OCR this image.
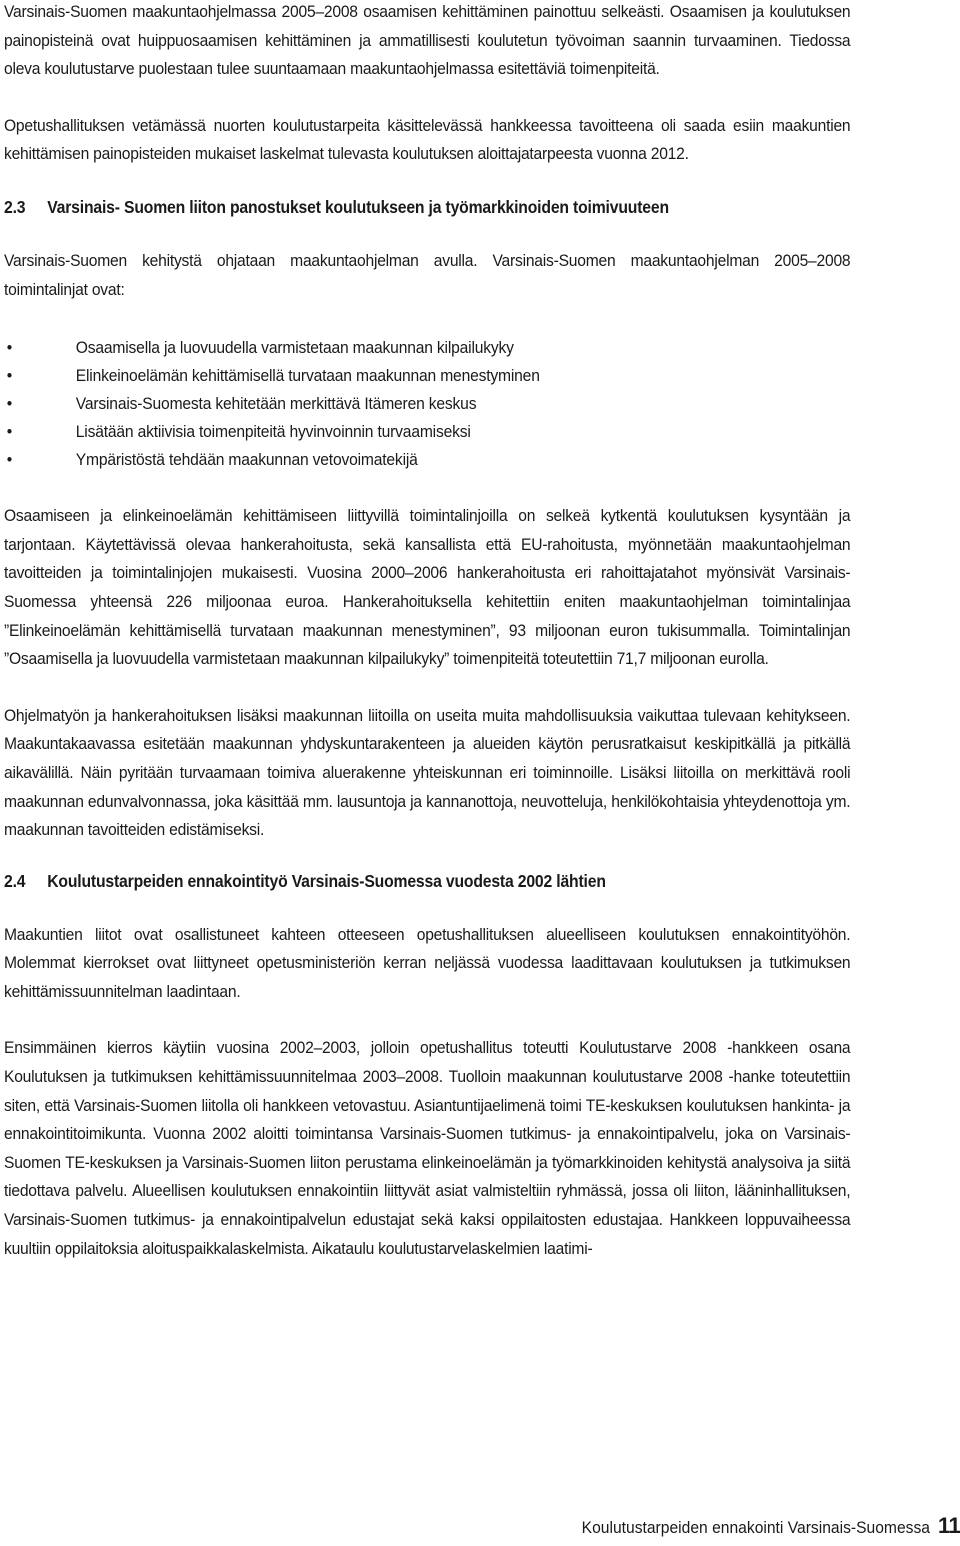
Varsinais-Suomen maakuntaohjelmassa 2005–2008 osaamisen kehittäminen painottuu selkeästi. Osaamisen ja koulutuksen painopisteinä ovat huippuosaamisen kehittäminen ja ammatillisesti koulutetun työvoiman saannin turvaaminen. Tiedossa oleva koulutustarve puolestaan tulee suuntaamaan maakuntaohjelmassa esitettäviä toimenpiteitä.

Opetushallituksen vetämässä nuorten koulutustarpeita käsittelevässä hankkeessa tavoitteena oli saada esiin maakuntien kehittämisen painopisteiden mukaiset laskelmat tulevasta koulutuksen aloittajatarpeesta vuonna 2012.

2.3 Varsinais- Suomen liiton panostukset koulutukseen ja työmarkkinoiden toimivuuteen

Varsinais-Suomen kehitystä ohjataan maakuntaohjelman avulla. Varsinais-Suomen maakuntaohjelman 2005–2008 toimintalinjat ovat:

•	Osaamisella ja luovuudella varmistetaan maakunnan kilpailukyky
•	Elinkeinoelämän kehittämisellä turvataan maakunnan menestyminen
•	Varsinais-Suomesta kehitetään merkittävä Itämeren keskus
•	Lisätään aktiivisia toimenpiteitä hyvinvoinnin turvaamiseksi
•	Ympäristöstä tehdään maakunnan vetovoimatekijä

Osaamiseen ja elinkeinoelämän kehittämiseen liittyvillä toimintalinjoilla on selkeä kytkentä koulutuksen kysyntään ja tarjontaan. Käytettävissä olevaa hankerahoitusta, sekä kansallista että EU-rahoitusta, myönnetään maakuntaohjelman tavoitteiden ja toimintalinjojen mukaisesti. Vuosina 2000–2006 hankerahoitusta eri rahoittajatahot myönsivät Varsinais-Suomessa yhteensä 226 miljoonaa euroa. Hankerahoituksella kehitettiin eniten maakuntaohjelman toimintalinjaa ”Elinkeinoelämän kehittämisellä turvataan maakunnan menestyminen”, 93 miljoonan euron tukisummalla. Toimintalinjan ”Osaamisella ja luovuudella varmistetaan maakunnan kilpailukyky” toimenpiteitä toteutettiin 71,7 miljoonan eurolla.

Ohjelmatyön ja hankerahoituksen lisäksi maakunnan liitoilla on useita muita mahdollisuuksia vaikuttaa tulevaan kehitykseen. Maakuntakaavassa esitetään maakunnan yhdyskuntarakenteen ja alueiden käytön perusratkaisut keskipitkällä ja pitkällä aikavälillä. Näin pyritään turvaamaan toimiva aluerakenne yhteiskunnan eri toiminnoille. Lisäksi liitoilla on merkittävä rooli maakunnan edunvalvonnassa, joka käsittää mm. lausuntoja ja kannanottoja, neuvotteluja, henkilökohtaisia yhteydenottoja ym. maakunnan tavoitteiden edistämiseksi.

2.4 Koulutustarpeiden ennakointityö Varsinais-Suomessa vuodesta 2002 lähtien

Maakuntien liitot ovat osallistuneet kahteen otteeseen opetushallituksen alueelliseen koulutuksen ennakointityöhön. Molemmat kierrokset ovat liittyneet opetusministeriön kerran neljässä vuodessa laadittavaan koulutuksen ja tutkimuksen kehittämissuunnitelman laadintaan.

Ensimmäinen kierros käytiin vuosina 2002–2003, jolloin opetushallitus toteutti Koulutustarve 2008 -hankkeen osana Koulutuksen ja tutkimuksen kehittämissuunnitelmaa 2003–2008. Tuolloin maakunnan koulutustarve 2008 -hanke toteutettiin siten, että Varsinais-Suomen liitolla oli hankkeen vetovastuu. Asiantuntijaelimenä toimi TE-keskuksen koulutuksen hankinta- ja ennakointitoimikunta. Vuonna 2002 aloitti toimintansa Varsinais-Suomen tutkimus- ja ennakointipalvelu, joka on Varsinais-Suomen TE-keskuksen ja Varsinais-Suomen liiton perustama elinkeinoelämän ja työmarkkinoiden kehitystä analysoiva ja siitä tiedottava palvelu. Alueellisen koulutuksen ennakointiin liittyvät asiat valmisteltiin ryhmässä, jossa oli liiton, lääninhallituksen, Varsinais-Suomen tutkimus- ja ennakointipalvelun edustajat sekä kaksi oppilaitosten edustajaa. Hankkeen loppuvaiheessa kuultiin oppilaitoksia aloituspaikkalaskelmista. Aikataulu koulutustarvelaskelmien laatimi-

Koulutustarpeiden ennakointi Varsinais-Suomessa 11
